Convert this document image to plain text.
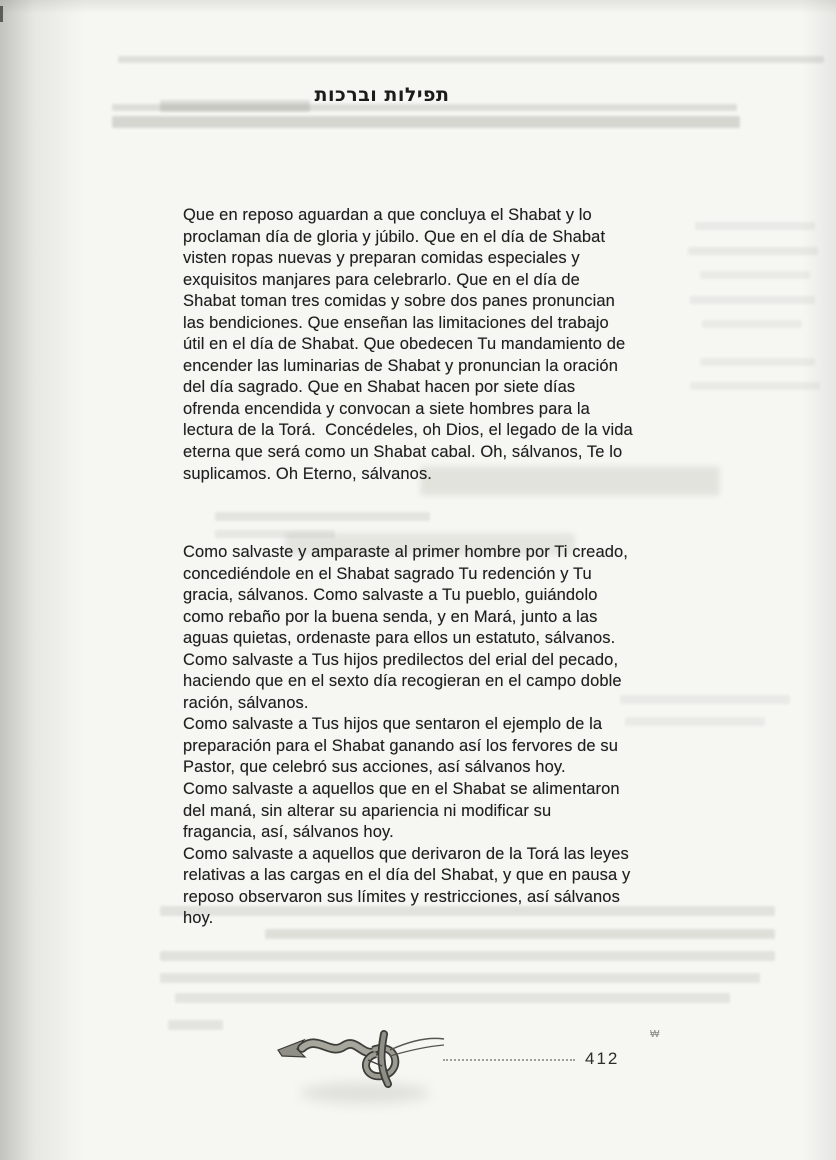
תפילות וברכות
Que en reposo aguardan a que concluya el Shabat y lo
proclaman día de gloria y júbilo. Que en el día de Shabat
visten ropas nuevas y preparan comidas especiales y
exquisitos manjares para celebrarlo. Que en el día de
Shabat toman tres comidas y sobre dos panes pronuncian
las bendiciones. Que enseñan las limitaciones del trabajo
útil en el día de Shabat. Que obedecen Tu mandamiento de
encender las luminarias de Shabat y pronuncian la oración
del día sagrado. Que en Shabat hacen por siete días
ofrenda encendida y convocan a siete hombres para la
lectura de la Torá.  Concédeles, oh Dios, el legado de la vida
eterna que será como un Shabat cabal. Oh, sálvanos, Te lo
suplicamos. Oh Eterno, sálvanos.
Como salvaste y amparaste al primer hombre por Ti creado,
concediéndole en el Shabat sagrado Tu redención y Tu
gracia, sálvanos. Como salvaste a Tu pueblo, guiándolo
como rebaño por la buena senda, y en Mará, junto a las
aguas quietas, ordenaste para ellos un estatuto, sálvanos.
Como salvaste a Tus hijos predilectos del erial del pecado,
haciendo que en el sexto día recogieran en el campo doble
ración, sálvanos.
Como salvaste a Tus hijos que sentaron el ejemplo de la
preparación para el Shabat ganando así los fervores de su
Pastor, que celebró sus acciones, así sálvanos hoy.
Como salvaste a aquellos que en el Shabat se alimentaron
del maná, sin alterar su apariencia ni modificar su
fragancia, así, sálvanos hoy.
Como salvaste a aquellos que derivaron de la Torá las leyes
relativas a las cargas en el día del Shabat, y que en pausa y
reposo observaron sus límites y restricciones, así sálvanos
hoy.
412
₩
